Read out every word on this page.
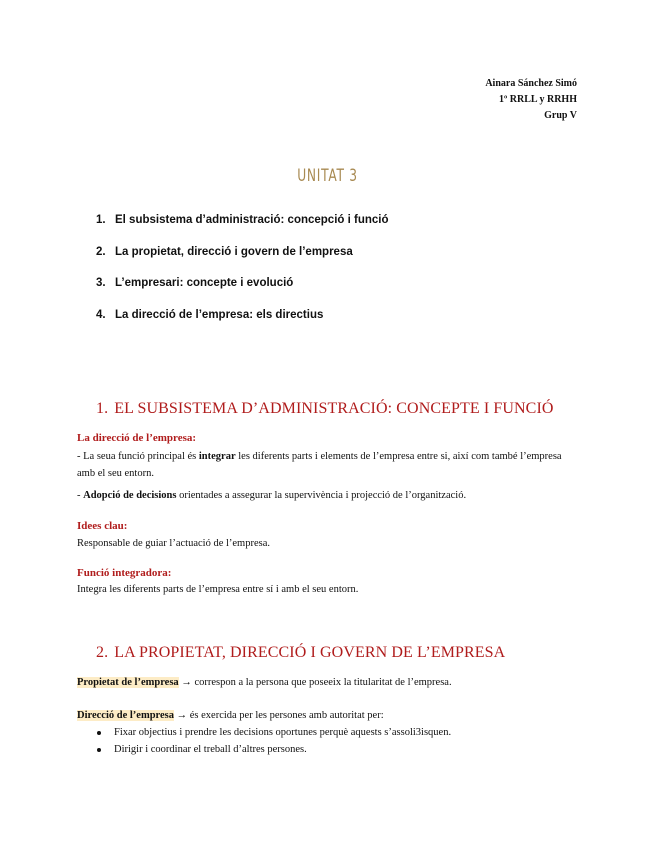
Ainara Sánchez Simó
1º RRLL y RRHH
Grup V
UNITAT 3
1. El subsistema d’administració: concepció i funció
2. La propietat, direcció i govern de l’empresa
3. L’empresari: concepte i evolució
4. La direcció de l’empresa: els directius
1. EL SUBSISTEMA D’ADMINISTRACIÓ: CONCEPTE I FUNCIÓ
La direcció de l’empresa:
- La seua funció principal és integrar les diferents parts i elements de l’empresa entre si, així com també l’empresa amb el seu entorn.
- Adopció de decisions orientades a assegurar la supervivència i projecció de l’organització.
Idees clau:
Responsable de guiar l’actuació de l’empresa.
Funció integradora:
Integra les diferents parts de l’empresa entre sí i amb el seu entorn.
2. LA PROPIETAT, DIRECCIÓ I GOVERN DE L’EMPRESA
Propietat de l’empresa → correspon a la persona que poseeix la titularitat de l’empresa.
Direcció de l’empresa → és exercida per les persones amb autoritat per:
Fixar objectius i prendre les decisions oportunes perquè aquests s’assoli3isquen.
Dirigir i coordinar el treball d’altres persones.
